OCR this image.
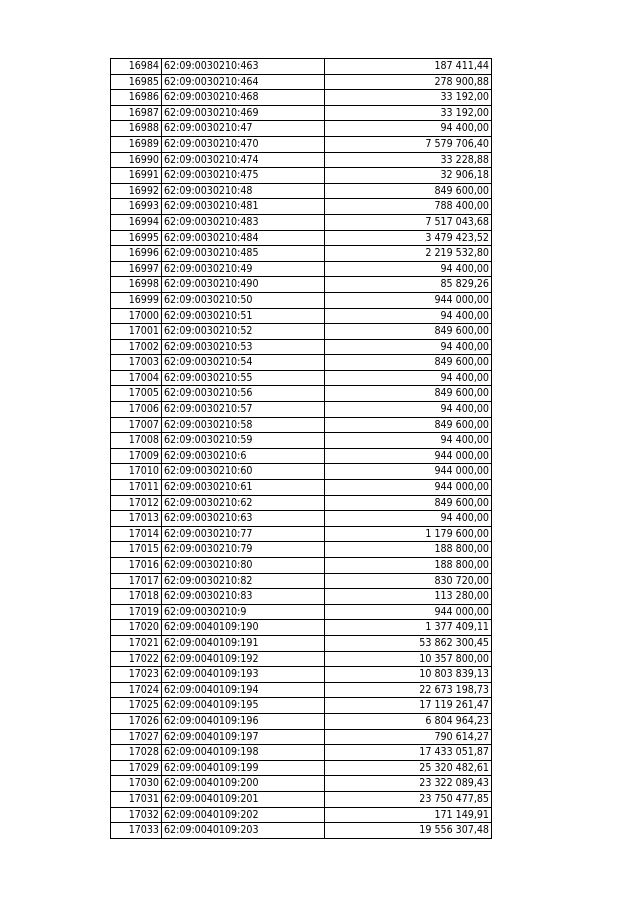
16984	62:09:0030210:463	187 411,44
16985	62:09:0030210:464	278 900,88
16986	62:09:0030210:468	33 192,00
16987	62:09:0030210:469	33 192,00
16988	62:09:0030210:47	94 400,00
16989	62:09:0030210:470	7 579 706,40
16990	62:09:0030210:474	33 228,88
16991	62:09:0030210:475	32 906,18
16992	62:09:0030210:48	849 600,00
16993	62:09:0030210:481	788 400,00
16994	62:09:0030210:483	7 517 043,68
16995	62:09:0030210:484	3 479 423,52
16996	62:09:0030210:485	2 219 532,80
16997	62:09:0030210:49	94 400,00
16998	62:09:0030210:490	85 829,26
16999	62:09:0030210:50	944 000,00
17000	62:09:0030210:51	94 400,00
17001	62:09:0030210:52	849 600,00
17002	62:09:0030210:53	94 400,00
17003	62:09:0030210:54	849 600,00
17004	62:09:0030210:55	94 400,00
17005	62:09:0030210:56	849 600,00
17006	62:09:0030210:57	94 400,00
17007	62:09:0030210:58	849 600,00
17008	62:09:0030210:59	94 400,00
17009	62:09:0030210:6	944 000,00
17010	62:09:0030210:60	944 000,00
17011	62:09:0030210:61	944 000,00
17012	62:09:0030210:62	849 600,00
17013	62:09:0030210:63	94 400,00
17014	62:09:0030210:77	1 179 600,00
17015	62:09:0030210:79	188 800,00
17016	62:09:0030210:80	188 800,00
17017	62:09:0030210:82	830 720,00
17018	62:09:0030210:83	113 280,00
17019	62:09:0030210:9	944 000,00
17020	62:09:0040109:190	1 377 409,11
17021	62:09:0040109:191	53 862 300,45
17022	62:09:0040109:192	10 357 800,00
17023	62:09:0040109:193	10 803 839,13
17024	62:09:0040109:194	22 673 198,73
17025	62:09:0040109:195	17 119 261,47
17026	62:09:0040109:196	6 804 964,23
17027	62:09:0040109:197	790 614,27
17028	62:09:0040109:198	17 433 051,87
17029	62:09:0040109:199	25 320 482,61
17030	62:09:0040109:200	23 322 089,43
17031	62:09:0040109:201	23 750 477,85
17032	62:09:0040109:202	171 149,91
17033	62:09:0040109:203	19 556 307,48
